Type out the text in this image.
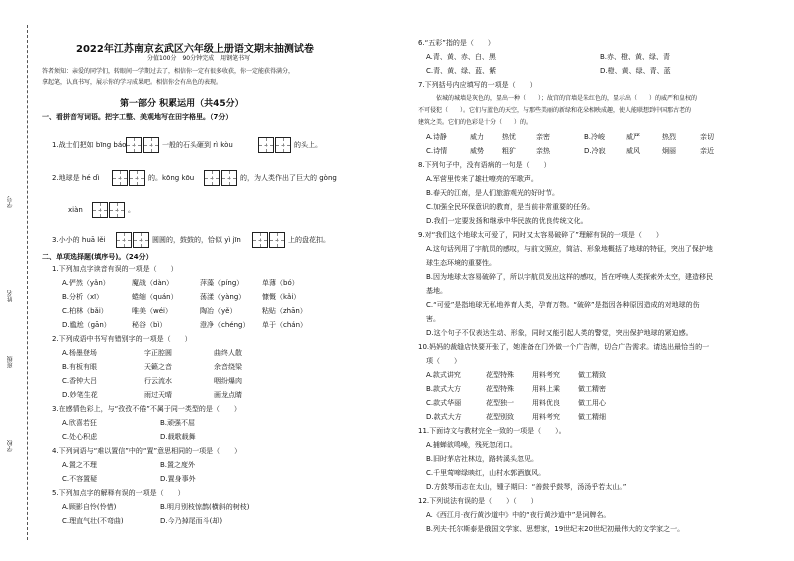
学号
姓名
班级
学校
2022年江苏南京玄武区六年级上册语文期末抽测试卷
分值100分　90分钟完成　用钢笔书写
答者须知：亲爱的同学们，转眼间一学期过去了，相信你一定有很多收获，你一定能获得满分，
拿起笔，认真书写，展示你的学习成果吧。相信你会有出色的表现。
第一部分 积累运用（共45分）
一、看拼音写词语。把字工整、美观地写在田字格里。（7分）
1.战士们把如 bīng báo	一般的石头砸到 rì kòu	的头上。
2.地球是 hé dì	的。kōng kōu	的，为人类作出了巨大的 gòng
xiàn	。
3.小小的 huā lěi	圆圆的，鼓鼓的，恰似 yì jīn	上的盘花扣。
二、单项选择题(填序号)。（24分）
1.下列加点字读音有误的一项是（　　）
A.俨然（yǎn）	魔战（dàn）	萍藻（píng）	单薄（bó）
B.分析（xī）	蜷缩（quán）	荡漾（yàng） 慷慨（kǎi）
C.柏林（bǎi）	唯美（wéi）	陶冶（yě）	粘贴（zhān）
D.尴尬（gān）	秘谷（bì）	澄净（chéng） 单于（chán）
2.下列成语中书写有错别字的一项是（　　）
A.杨墨登场	字正腔圆	曲终人散
B.有板有眼	天籁之音	余音绕梁
C.香钟大吕	行云流水	咽纷爆肉
D.妙笔生花	雨过天晴	画龙点睛
3.在感情色彩上，与“孜孜不倦”不属于同一类型的是（　　）
A.欣喜若狂	B.顽强不屈
C.处心积虑	D.载歌载舞
4.下列词语与“难以置信”中的“置”意思相同的一项是（　　）
A.置之不理	B.置之度外
C.不容置疑	D.置身事外
5.下列加点字的解释有误的一项是（　　）
A.顾影自怜(怜惜)	B.明月别枝惊鹊(横斜的树枝)
C.理直气壮(不弯曲)	D.今乃掉尾而斗(却)
6.“五彩”指的是（　　）
A.青、黄、赤、白、黑	B.赤、橙、黄、绿、青
C.青、黄、绿、蓝、紫	D.橙、黄、绿、青、蓝
7.下列括号内应填写的一项是（　　）
　　　依城的城墙是灰色的，显出一种（　　）；故宫的宫墙是朱红色的，显示出（　　）的威严和皇权的
不可侵犯（　　）。它们与蓝色的天空，与那些美丽的新绿和花朵相映成趣，使人能联想到中国那古老的
建筑之美。它们的色彩是十分（　　）的。
A.诗静	威力	热忧	亲密	B.冷峻	威严	热烈	亲切
C.诗情	威势	粗犷	亲热	D.冷寂	威风	炯丽	亲近
8.下列句子中，没有语病的一句是（　　）
A.军营里传来了雄壮嘹亮的军歌声。
B.春天的江南，是人们旅游观光的好时节。
C.加强全民环保意识的教育，是当前非常重要的任务。
D.我们一定要发扬和继承中华民族的优良传统文化。
9.对“我们这个地球太可爱了，同时又太容易破碎了”理解有误的一项是（　　）
A.这句话列用了宇航员的感叹，与前文照应，简洁、形象地概括了地球的特征，突出了保护地
球生态环境的重要性。
B.因为地球太容易破碎了，所以宇航员发出这样的感叹，旨在呼唤人类探索外太空，建造移民
基地。
C.“可爱”是指地球无私地养育人类，孕育万物。“破碎”是指因各种原因造成的对地球的伤
害。
D.这个句子不仅表达生动、形象，同时又能引起人类的警觉，突出保护地球的紧迫感。
10.妈妈的裁缝店快要开张了，她准备在门外做一个广告牌，切合广告需求。请选出最恰当的一
项（　　）
A.款式讲究	花型特殊	用料考究	做工精致
B.款式大方	花型特殊	用料上乘	做工精密
C.款式华丽	花型独一	用料优良	做工用心
D.款式大方	花型别致	用料考究	做工精细
11.下面诗文与教材完全一致的一项是（　　）。
A.捕蝉欲鸣噪，残死忽闭口。
B.旧时茅店社林边，路转溪头忽见。
C.千里莺啼绿映红，山村水郭酒旗风。
D.方鼓琴而志在太山，锺子期曰：“善鼓乎鼓琴，汤汤乎若太山。”
12.下列说法有误的是（　　）（　　）
A.《西江月·夜行黄沙道中》中的“夜行黄沙道中”是词牌名。
B.列夫·托尔斯泰是俄国文学家、思想家，19世纪末20世纪初最伟大的文学家之一。
